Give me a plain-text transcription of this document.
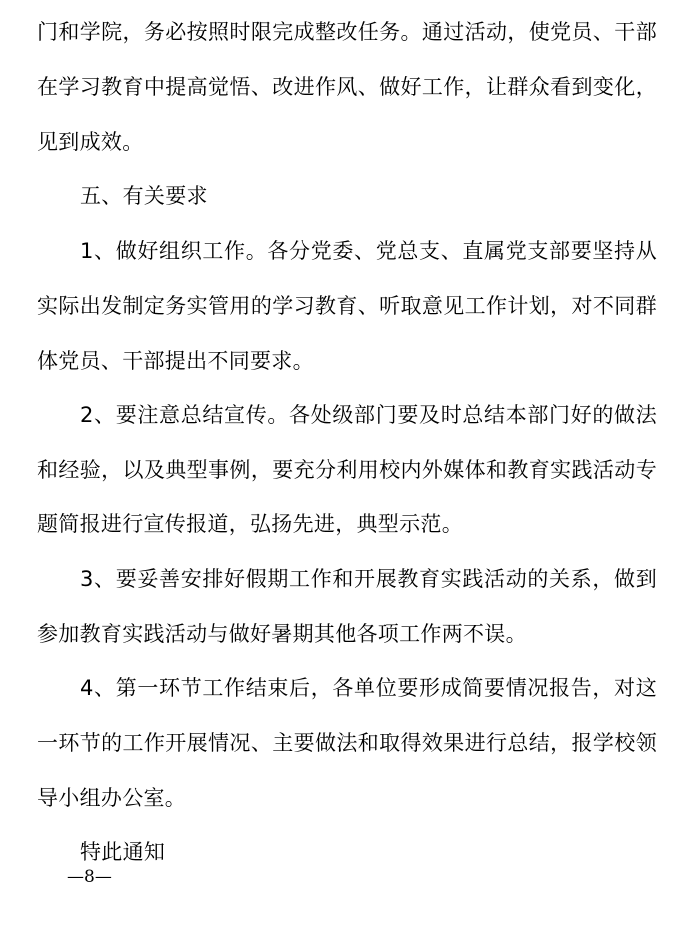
门和学院，务必按照时限完成整改任务。通过活动，使党员、干部
在学习教育中提高觉悟、改进作风、做好工作，让群众看到变化，
见到成效。
五、有关要求
1、做好组织工作。各分党委、党总支、直属党支部要坚持从
实际出发制定务实管用的学习教育、听取意见工作计划，对不同群
体党员、干部提出不同要求。
2、要注意总结宣传。各处级部门要及时总结本部门好的做法
和经验，以及典型事例，要充分利用校内外媒体和教育实践活动专
题简报进行宣传报道，弘扬先进，典型示范。
3、要妥善安排好假期工作和开展教育实践活动的关系，做到
参加教育实践活动与做好暑期其他各项工作两不误。
4、第一环节工作结束后，各单位要形成简要情况报告，对这
一环节的工作开展情况、主要做法和取得效果进行总结，报学校领
导小组办公室。
特此通知
—8—
